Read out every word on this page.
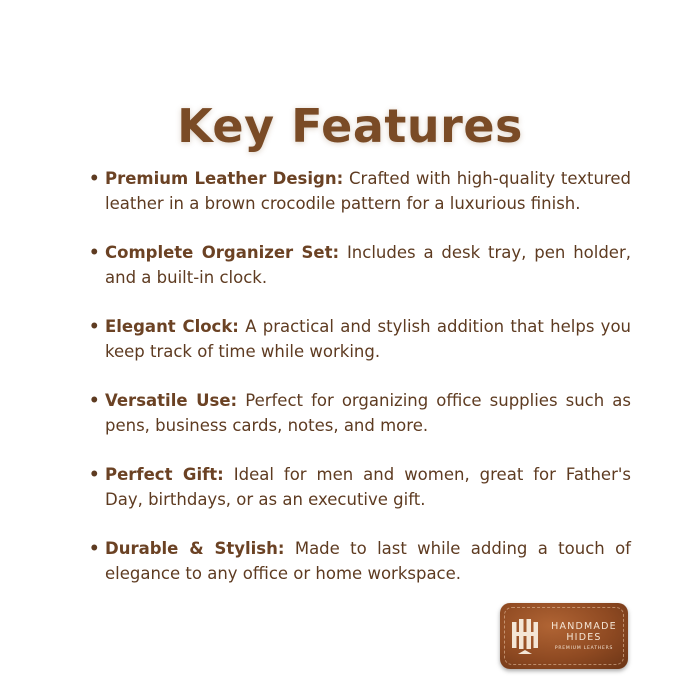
Key Features
• Premium Leather Design: Crafted with high-quality textured leather in a brown crocodile pattern for a luxurious finish.
• Complete Organizer Set: Includes a desk tray, pen holder, and a built-in clock.
• Elegant Clock: A practical and stylish addition that helps you keep track of time while working.
• Versatile Use: Perfect for organizing office supplies such as pens, business cards, notes, and more.
• Perfect Gift: Ideal for men and women, great for Father's Day, birthdays, or as an executive gift.
• Durable & Stylish: Made to last while adding a touch of elegance to any office or home workspace.
HANDMADE
HIDES
PREMIUM LEATHERS
